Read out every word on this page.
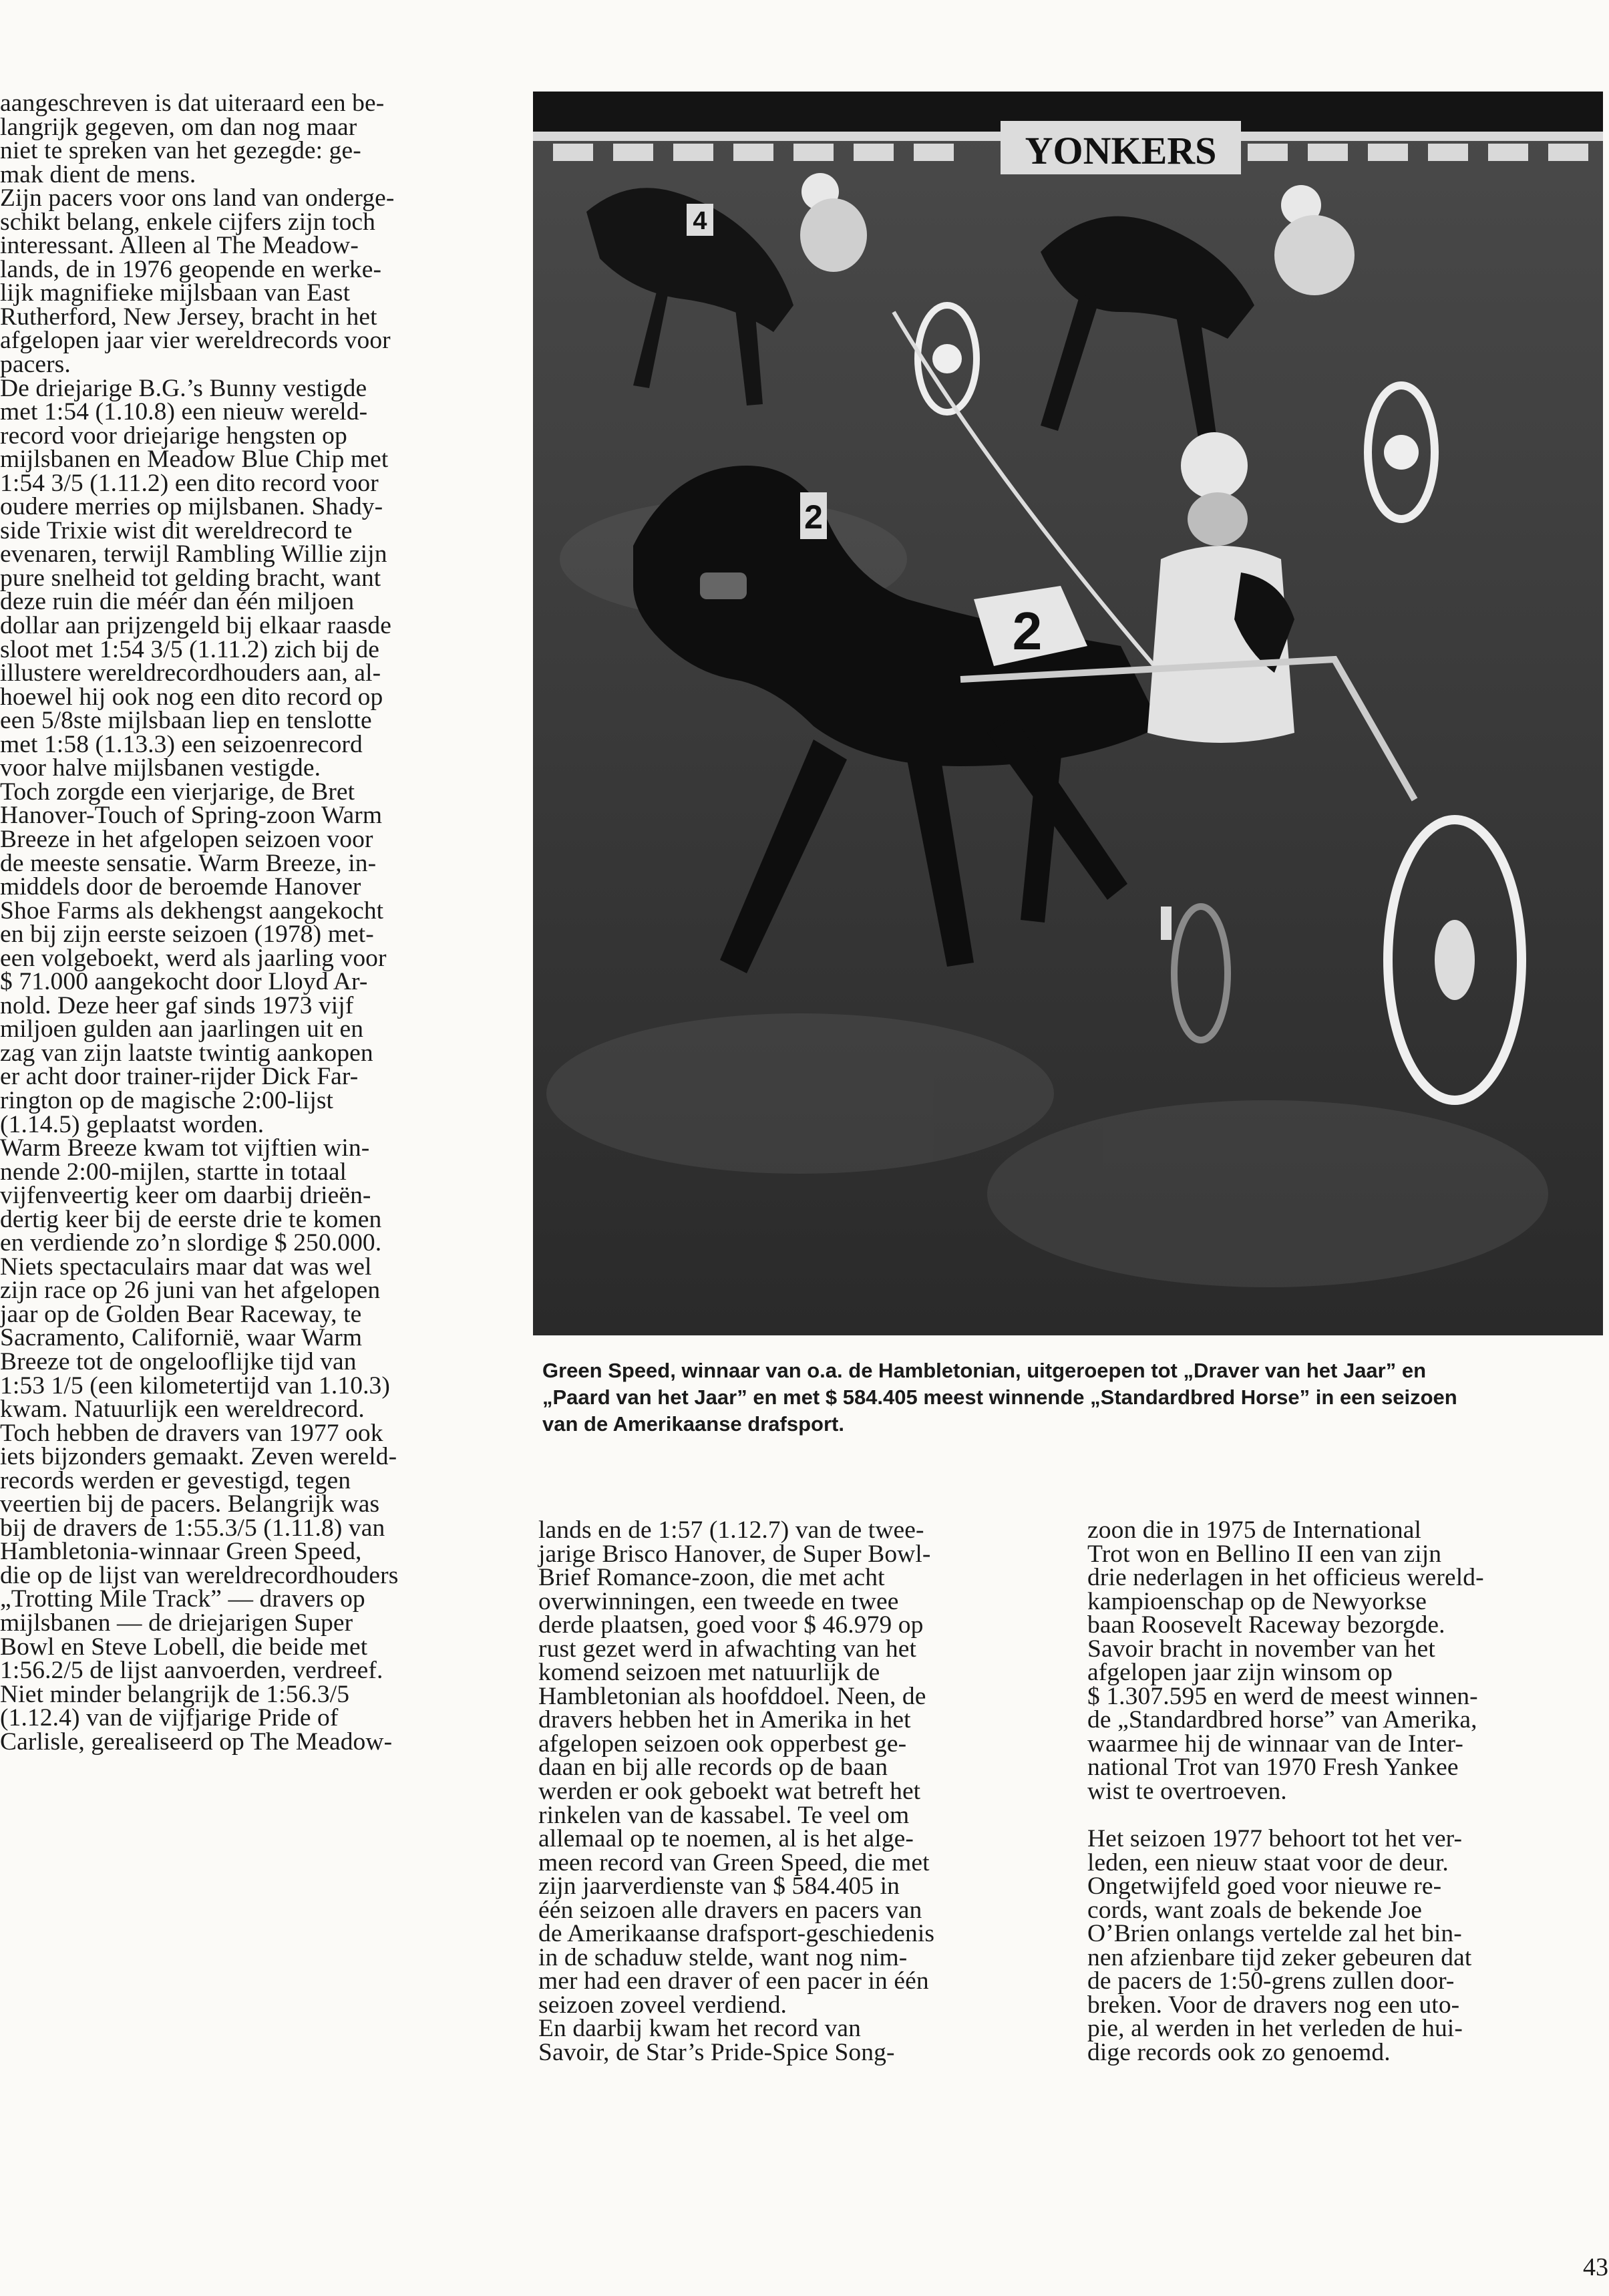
aangeschreven is dat uiteraard een be-
langrijk gegeven, om dan nog maar
niet te spreken van het gezegde: ge-
mak dient de mens.
Zijn pacers voor ons land van onderge-
schikt belang, enkele cijfers zijn toch
interessant. Alleen al The Meadow-
lands, de in 1976 geopende en werke-
lijk magnifieke mijlsbaan van East
Rutherford, New Jersey, bracht in het
afgelopen jaar vier wereldrecords voor
pacers.
De driejarige B.G.’s Bunny vestigde
met 1:54 (1.10.8) een nieuw wereld-
record voor driejarige hengsten op
mijlsbanen en Meadow Blue Chip met
1:54 3/5 (1.11.2) een dito record voor
oudere merries op mijlsbanen. Shady-
side Trixie wist dit wereldrecord te
evenaren, terwijl Rambling Willie zijn
pure snelheid tot gelding bracht, want
deze ruin die méér dan één miljoen
dollar aan prijzengeld bij elkaar raasde
sloot met 1:54 3/5 (1.11.2) zich bij de
illustere wereldrecordhouders aan, al-
hoewel hij ook nog een dito record op
een 5/8ste mijlsbaan liep en tenslotte
met 1:58 (1.13.3) een seizoenrecord
voor halve mijlsbanen vestigde.
Toch zorgde een vierjarige, de Bret
Hanover-Touch of Spring-zoon Warm
Breeze in het afgelopen seizoen voor
de meeste sensatie. Warm Breeze, in-
middels door de beroemde Hanover
Shoe Farms als dekhengst aangekocht
en bij zijn eerste seizoen (1978) met-
een volgeboekt, werd als jaarling voor
$ 71.000 aangekocht door Lloyd Ar-
nold. Deze heer gaf sinds 1973 vijf
miljoen gulden aan jaarlingen uit en
zag van zijn laatste twintig aankopen
er acht door trainer-rijder Dick Far-
rington op de magische 2:00-lijst
(1.14.5) geplaatst worden.
Warm Breeze kwam tot vijftien win-
nende 2:00-mijlen, startte in totaal
vijfenveertig keer om daarbij drieën-
dertig keer bij de eerste drie te komen
en verdiende zo’n slordige $ 250.000.
Niets spectaculairs maar dat was wel
zijn race op 26 juni van het afgelopen
jaar op de Golden Bear Raceway, te
Sacramento, Californië, waar Warm
Breeze tot de ongelooflijke tijd van
1:53 1/5 (een kilometertijd van 1.10.3)
kwam. Natuurlijk een wereldrecord.
Toch hebben de dravers van 1977 ook
iets bijzonders gemaakt. Zeven wereld-
records werden er gevestigd, tegen
veertien bij de pacers. Belangrijk was
bij de dravers de 1:55.3/5 (1.11.8) van
Hambletonia-winnaar Green Speed,
die op de lijst van wereldrecordhouders
„Trotting Mile Track” — dravers op
mijlsbanen — de driejarigen Super
Bowl en Steve Lobell, die beide met
1:56.2/5 de lijst aanvoerden, verdreef.
Niet minder belangrijk de 1:56.3/5
(1.12.4) van de vijfjarige Pride of
Carlisle, gerealiseerd op The Meadow-
YONKERS
4
2
2
Green Speed, winnaar van o.a. de Hambletonian, uitgeroepen tot „Draver van het Jaar” en
„Paard van het Jaar” en met $ 584.405 meest winnende „Standardbred Horse” in een seizoen
van de Amerikaanse drafsport.
lands en de 1:57 (1.12.7) van de twee-
jarige Brisco Hanover, de Super Bowl-
Brief Romance-zoon, die met acht
overwinningen, een tweede en twee
derde plaatsen, goed voor $ 46.979 op
rust gezet werd in afwachting van het
komend seizoen met natuurlijk de
Hambletonian als hoofddoel. Neen, de
dravers hebben het in Amerika in het
afgelopen seizoen ook opperbest ge-
daan en bij alle records op de baan
werden er ook geboekt wat betreft het
rinkelen van de kassabel. Te veel om
allemaal op te noemen, al is het alge-
meen record van Green Speed, die met
zijn jaarverdienste van $ 584.405 in
één seizoen alle dravers en pacers van
de Amerikaanse drafsport-geschiedenis
in de schaduw stelde, want nog nim-
mer had een draver of een pacer in één
seizoen zoveel verdiend.
En daarbij kwam het record van
Savoir, de Star’s Pride-Spice Song-
zoon die in 1975 de International
Trot won en Bellino II een van zijn
drie nederlagen in het officieus wereld-
kampioenschap op de Newyorkse
baan Roosevelt Raceway bezorgde.
Savoir bracht in november van het
afgelopen jaar zijn winsom op
$ 1.307.595 en werd de meest winnen-
de „Standardbred horse” van Amerika,
waarmee hij de winnaar van de Inter-
national Trot van 1970 Fresh Yankee
wist te overtroeven.
Het seizoen 1977 behoort tot het ver-
leden, een nieuw staat voor de deur.
Ongetwijfeld goed voor nieuwe re-
cords, want zoals de bekende Joe
O’Brien onlangs vertelde zal het bin-
nen afzienbare tijd zeker gebeuren dat
de pacers de 1:50-grens zullen door-
breken. Voor de dravers nog een uto-
pie, al werden in het verleden de hui-
dige records ook zo genoemd.
43
